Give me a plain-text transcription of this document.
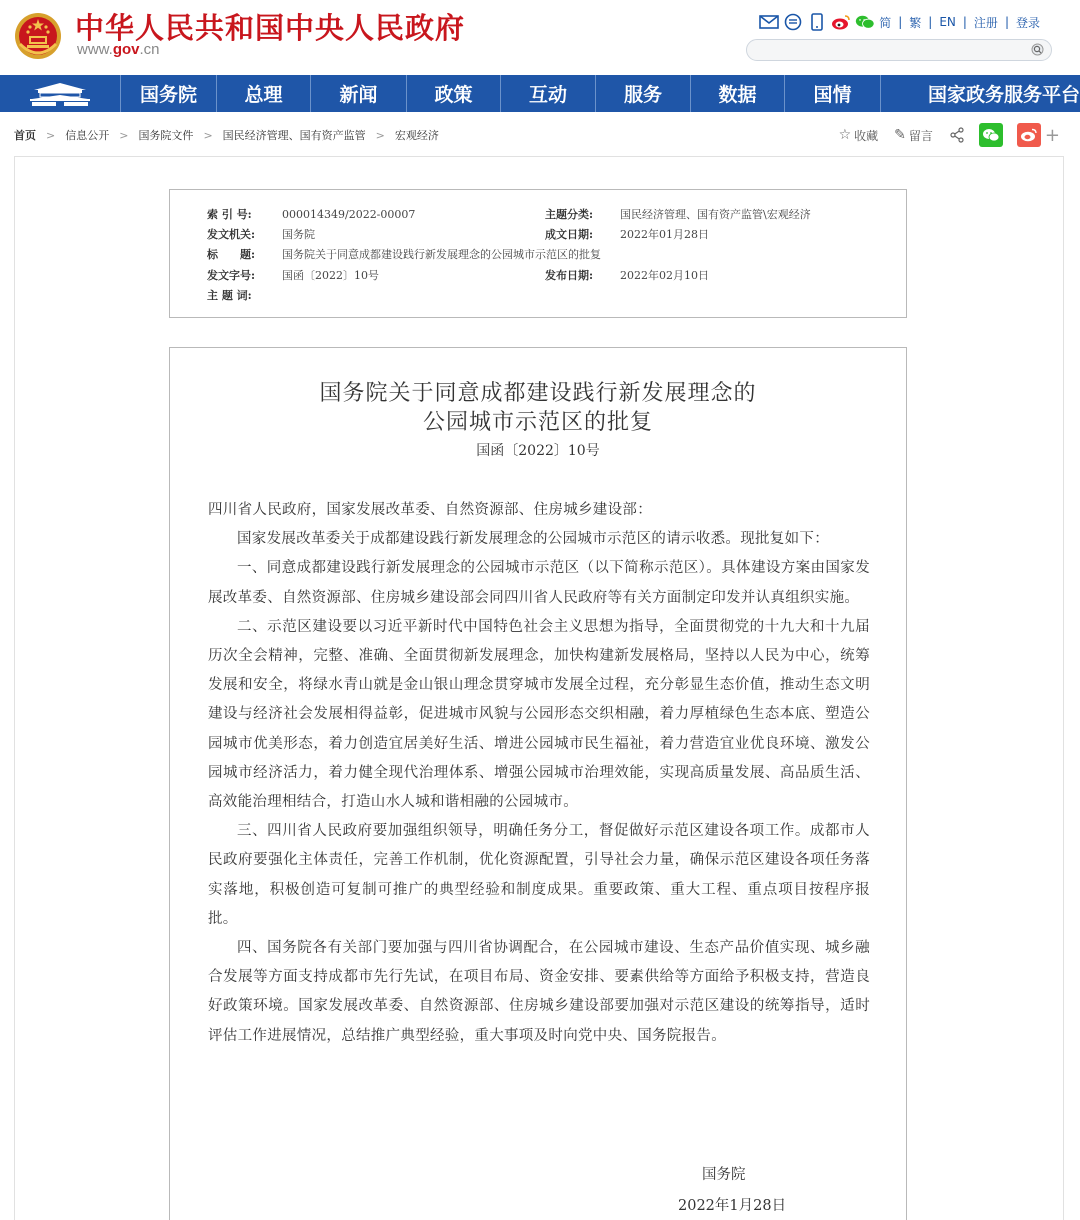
中华人民共和国中央人民政府
www.gov.cn
简 | 繁 | EN | 注册 | 登录
国务院	总理	新闻	政策	互动	服务	数据	国情	国家政务服务平台
首页 > 信息公开 > 国务院文件 > 国民经济管理、国有资产监管 > 宏观经济	☆ 收藏 ✎ 留言	+
索 引 号:	000014349/2022-00007	主题分类: 国民经济管理、国有资产监管\宏观经济
发文机关: 国务院	成文日期: 2022年01月28日
标　　题: 国务院关于同意成都建设践行新发展理念的公园城市示范区的批复
发文字号: 国函〔2022〕10号	发布日期: 2022年02月10日
主 题 词:
国务院关于同意成都建设践行新发展理念的
公园城市示范区的批复
国函〔2022〕10号

四川省人民政府，国家发展改革委、自然资源部、住房城乡建设部：

国家发展改革委关于成都建设践行新发展理念的公园城市示范区的请示收悉。现批复如下：

一、同意成都建设践行新发展理念的公园城市示范区（以下简称示范区）。具体建设方案由国家发展改革委、自然资源部、住房城乡建设部会同四川省人民政府等有关方面制定印发并认真组织实施。

二、示范区建设要以习近平新时代中国特色社会主义思想为指导，全面贯彻党的十九大和十九届历次全会精神，完整、准确、全面贯彻新发展理念，加快构建新发展格局，坚持以人民为中心，统筹发展和安全，将绿水青山就是金山银山理念贯穿城市发展全过程，充分彰显生态价值，推动生态文明建设与经济社会发展相得益彰，促进城市风貌与公园形态交织相融，着力厚植绿色生态本底、塑造公园城市优美形态，着力创造宜居美好生活、增进公园城市民生福祉，着力营造宜业优良环境、激发公园城市经济活力，着力健全现代治理体系、增强公园城市治理效能，实现高质量发展、高品质生活、高效能治理相结合，打造山水人城和谐相融的公园城市。

三、四川省人民政府要加强组织领导，明确任务分工，督促做好示范区建设各项工作。成都市人民政府要强化主体责任，完善工作机制，优化资源配置，引导社会力量，确保示范区建设各项任务落实落地，积极创造可复制可推广的典型经验和制度成果。重要政策、重大工程、重点项目按程序报批。

四、国务院各有关部门要加强与四川省协调配合，在公园城市建设、生态产品价值实现、城乡融合发展等方面支持成都市先行先试，在项目布局、资金安排、要素供给等方面给予积极支持，营造良好政策环境。国家发展改革委、自然资源部、住房城乡建设部要加强对示范区建设的统筹指导，适时评估工作进展情况，总结推广典型经验，重大事项及时向党中央、国务院报告。

国务院
2022年1月28日
